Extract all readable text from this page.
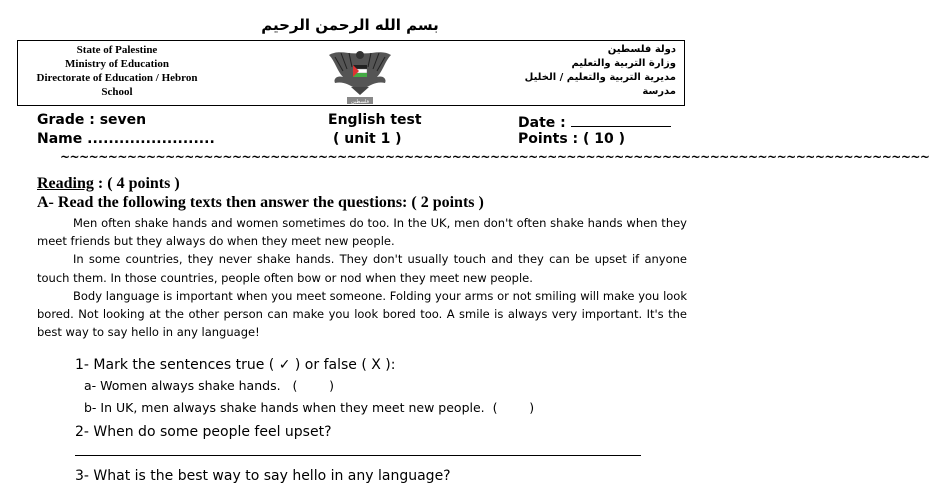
بسم الله الرحمن الرحيم
State of Palestine
Ministry of Education
Directorate of Education / Hebron
School
فلسطين
دولة فلسطين
وزارة التربية والتعليم
مديرية التربية والتعليم / الخليل
مدرسة
Grade : seven
Name ........................
English test
( unit 1 )
Date :
Points : ( 10 )
~~~~~~~~~~~~~~~~~~~~~~~~~~~~~~~~~~~~~~~~~~~~~~~~~~~~~~~~~~~~~~~~~~~~~~~~~~~~~~~~~~~~~~~~~~~
Reading : ( 4 points )
A- Read the following texts then answer the questions: ( 2 points )

Men often shake hands and women sometimes do too. In the UK, men don't often shake hands when they meet friends but they always do when they meet new people.

In some countries, they never shake hands. They don't usually touch and they can be upset if anyone touch them. In those countries, people often bow or nod when they meet new people.

Body language is important when you meet someone. Folding your arms or not smiling will make you look bored. Not looking at the other person can make you look bored too. A smile is always very important. It's the best way to say hello in any language!

1- Mark the sentences true ( ✓ ) or false ( X ):
a- Women always shake hands.   (        )
b- In UK, men always shake hands when they meet new people.  (        )
2- When do some people feel upset?
3- What is the best way to say hello in any language?
